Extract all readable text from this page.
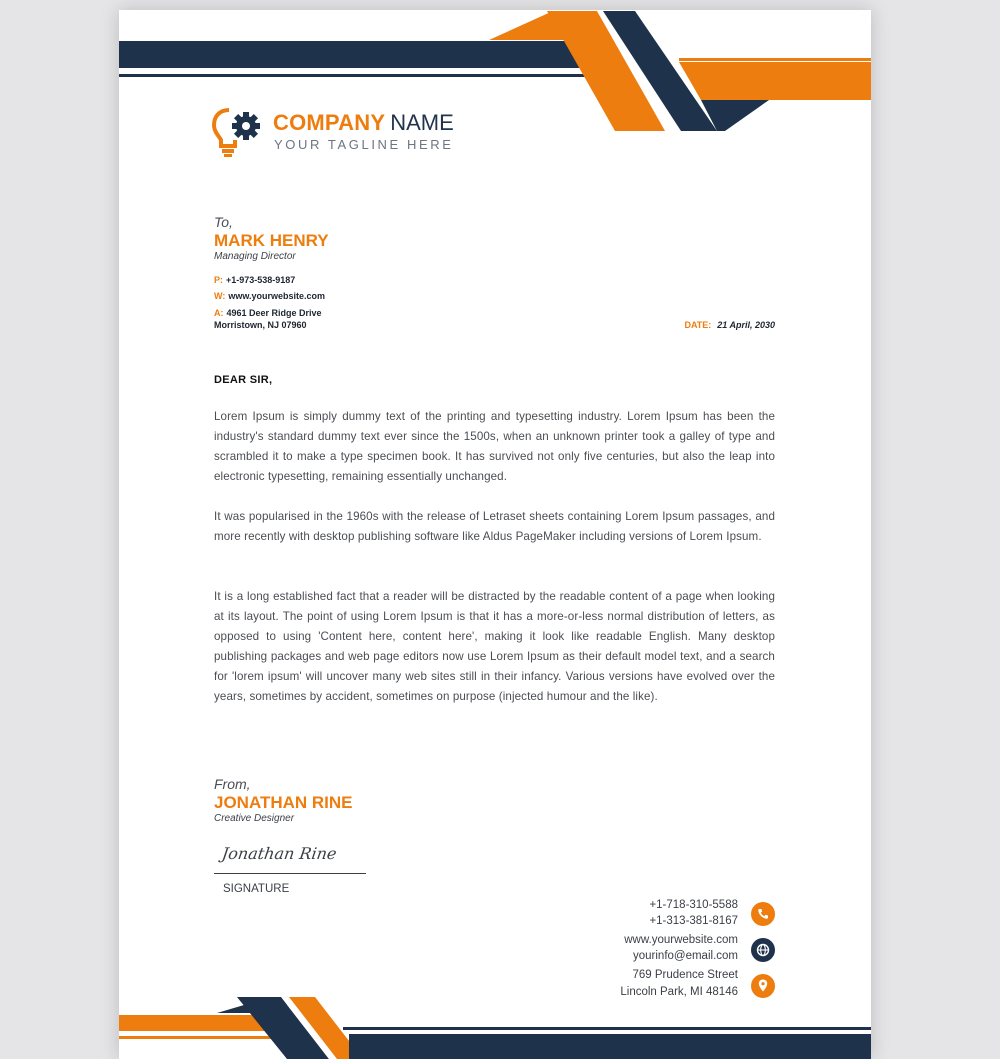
COMPANY NAME
YOUR TAGLINE HERE
To,
MARK HENRY
Managing Director
P: +1-973-538-9187
W: www.yourwebsite.com
A: 4961 Deer Ridge Drive
Morristown, NJ 07960	DATE: 21 April, 2030
DEAR SIR,
Lorem Ipsum is simply dummy text of the printing and typesetting industry. Lorem Ipsum has been the industry's standard dummy text ever since the 1500s, when an unknown printer took a galley of type and scrambled it to make a type specimen book. It has survived not only five centuries, but also the leap into electronic typesetting, remaining essentially unchanged.
It was popularised in the 1960s with the release of Letraset sheets containing Lorem Ipsum passages, and more recently with desktop publishing software like Aldus PageMaker including versions of Lorem Ipsum.
It is a long established fact that a reader will be distracted by the readable content of a page when looking at its layout. The point of using Lorem Ipsum is that it has a more-or-less normal distribution of letters, as opposed to using 'Content here, content here', making it look like readable English. Many desktop publishing packages and web page editors now use Lorem Ipsum as their default model text, and a search for 'lorem ipsum' will uncover many web sites still in their infancy. Various versions have evolved over the years, sometimes by accident, sometimes on purpose (injected humour and the like).
From,
JONATHAN RINE
Creative Designer
Jonathan Rine
SIGNATURE
+1-718-310-5588
+1-313-381-8167
www.yourwebsite.com
yourinfo@email.com
769 Prudence Street
Lincoln Park, MI 48146
